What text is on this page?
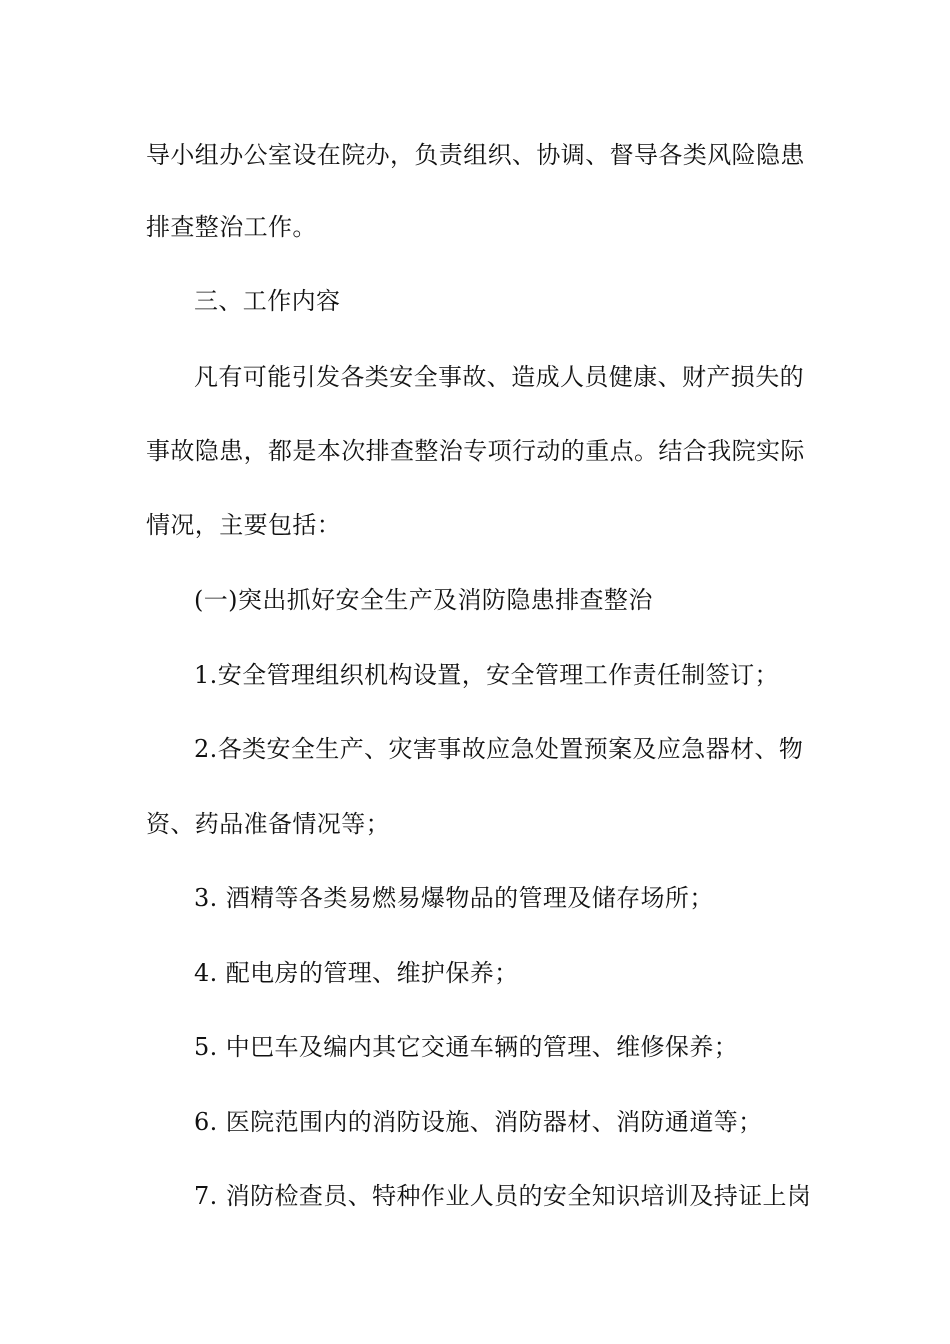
导小组办公室设在院办，负责组织、协调、督导各类风险隐患
排查整治工作。
三、工作内容
凡有可能引发各类安全事故、造成人员健康、财产损失的
事故隐患，都是本次排查整治专项行动的重点。结合我院实际
情况，主要包括：
(一)突出抓好安全生产及消防隐患排查整治
1.安全管理组织机构设置，安全管理工作责任制签订；
2.各类安全生产、灾害事故应急处置预案及应急器材、物
资、药品准备情况等；
3. 酒精等各类易燃易爆物品的管理及储存场所；
4. 配电房的管理、维护保养；
5. 中巴车及编内其它交通车辆的管理、维修保养；
6. 医院范围内的消防设施、消防器材、消防通道等；
7. 消防检查员、特种作业人员的安全知识培训及持证上岗
